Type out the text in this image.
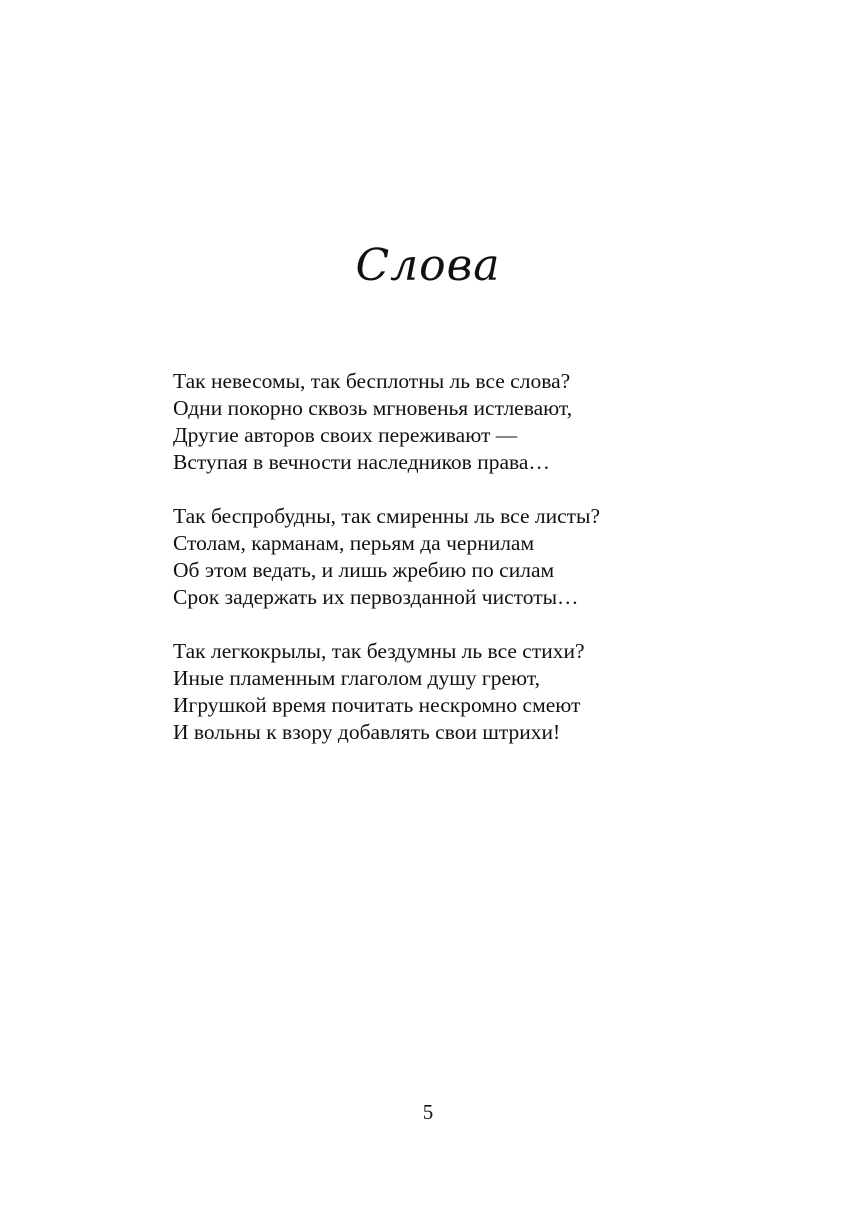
Слова
Так невесомы, так бесплотны ль все слова?
Одни покорно сквозь мгновенья истлевают,
Другие авторов своих переживают —
Вступая в вечности наследников права…
Так беспробудны, так смиренны ль все листы?
Столам, карманам, перьям да чернилам
Об этом ведать, и лишь жребию по силам
Срок задержать их первозданной чистоты…
Так легкокрылы, так бездумны ль все стихи?
Иные пламенным глаголом душу греют,
Игрушкой время почитать нескромно смеют
И вольны к взору добавлять свои штрихи!
5
